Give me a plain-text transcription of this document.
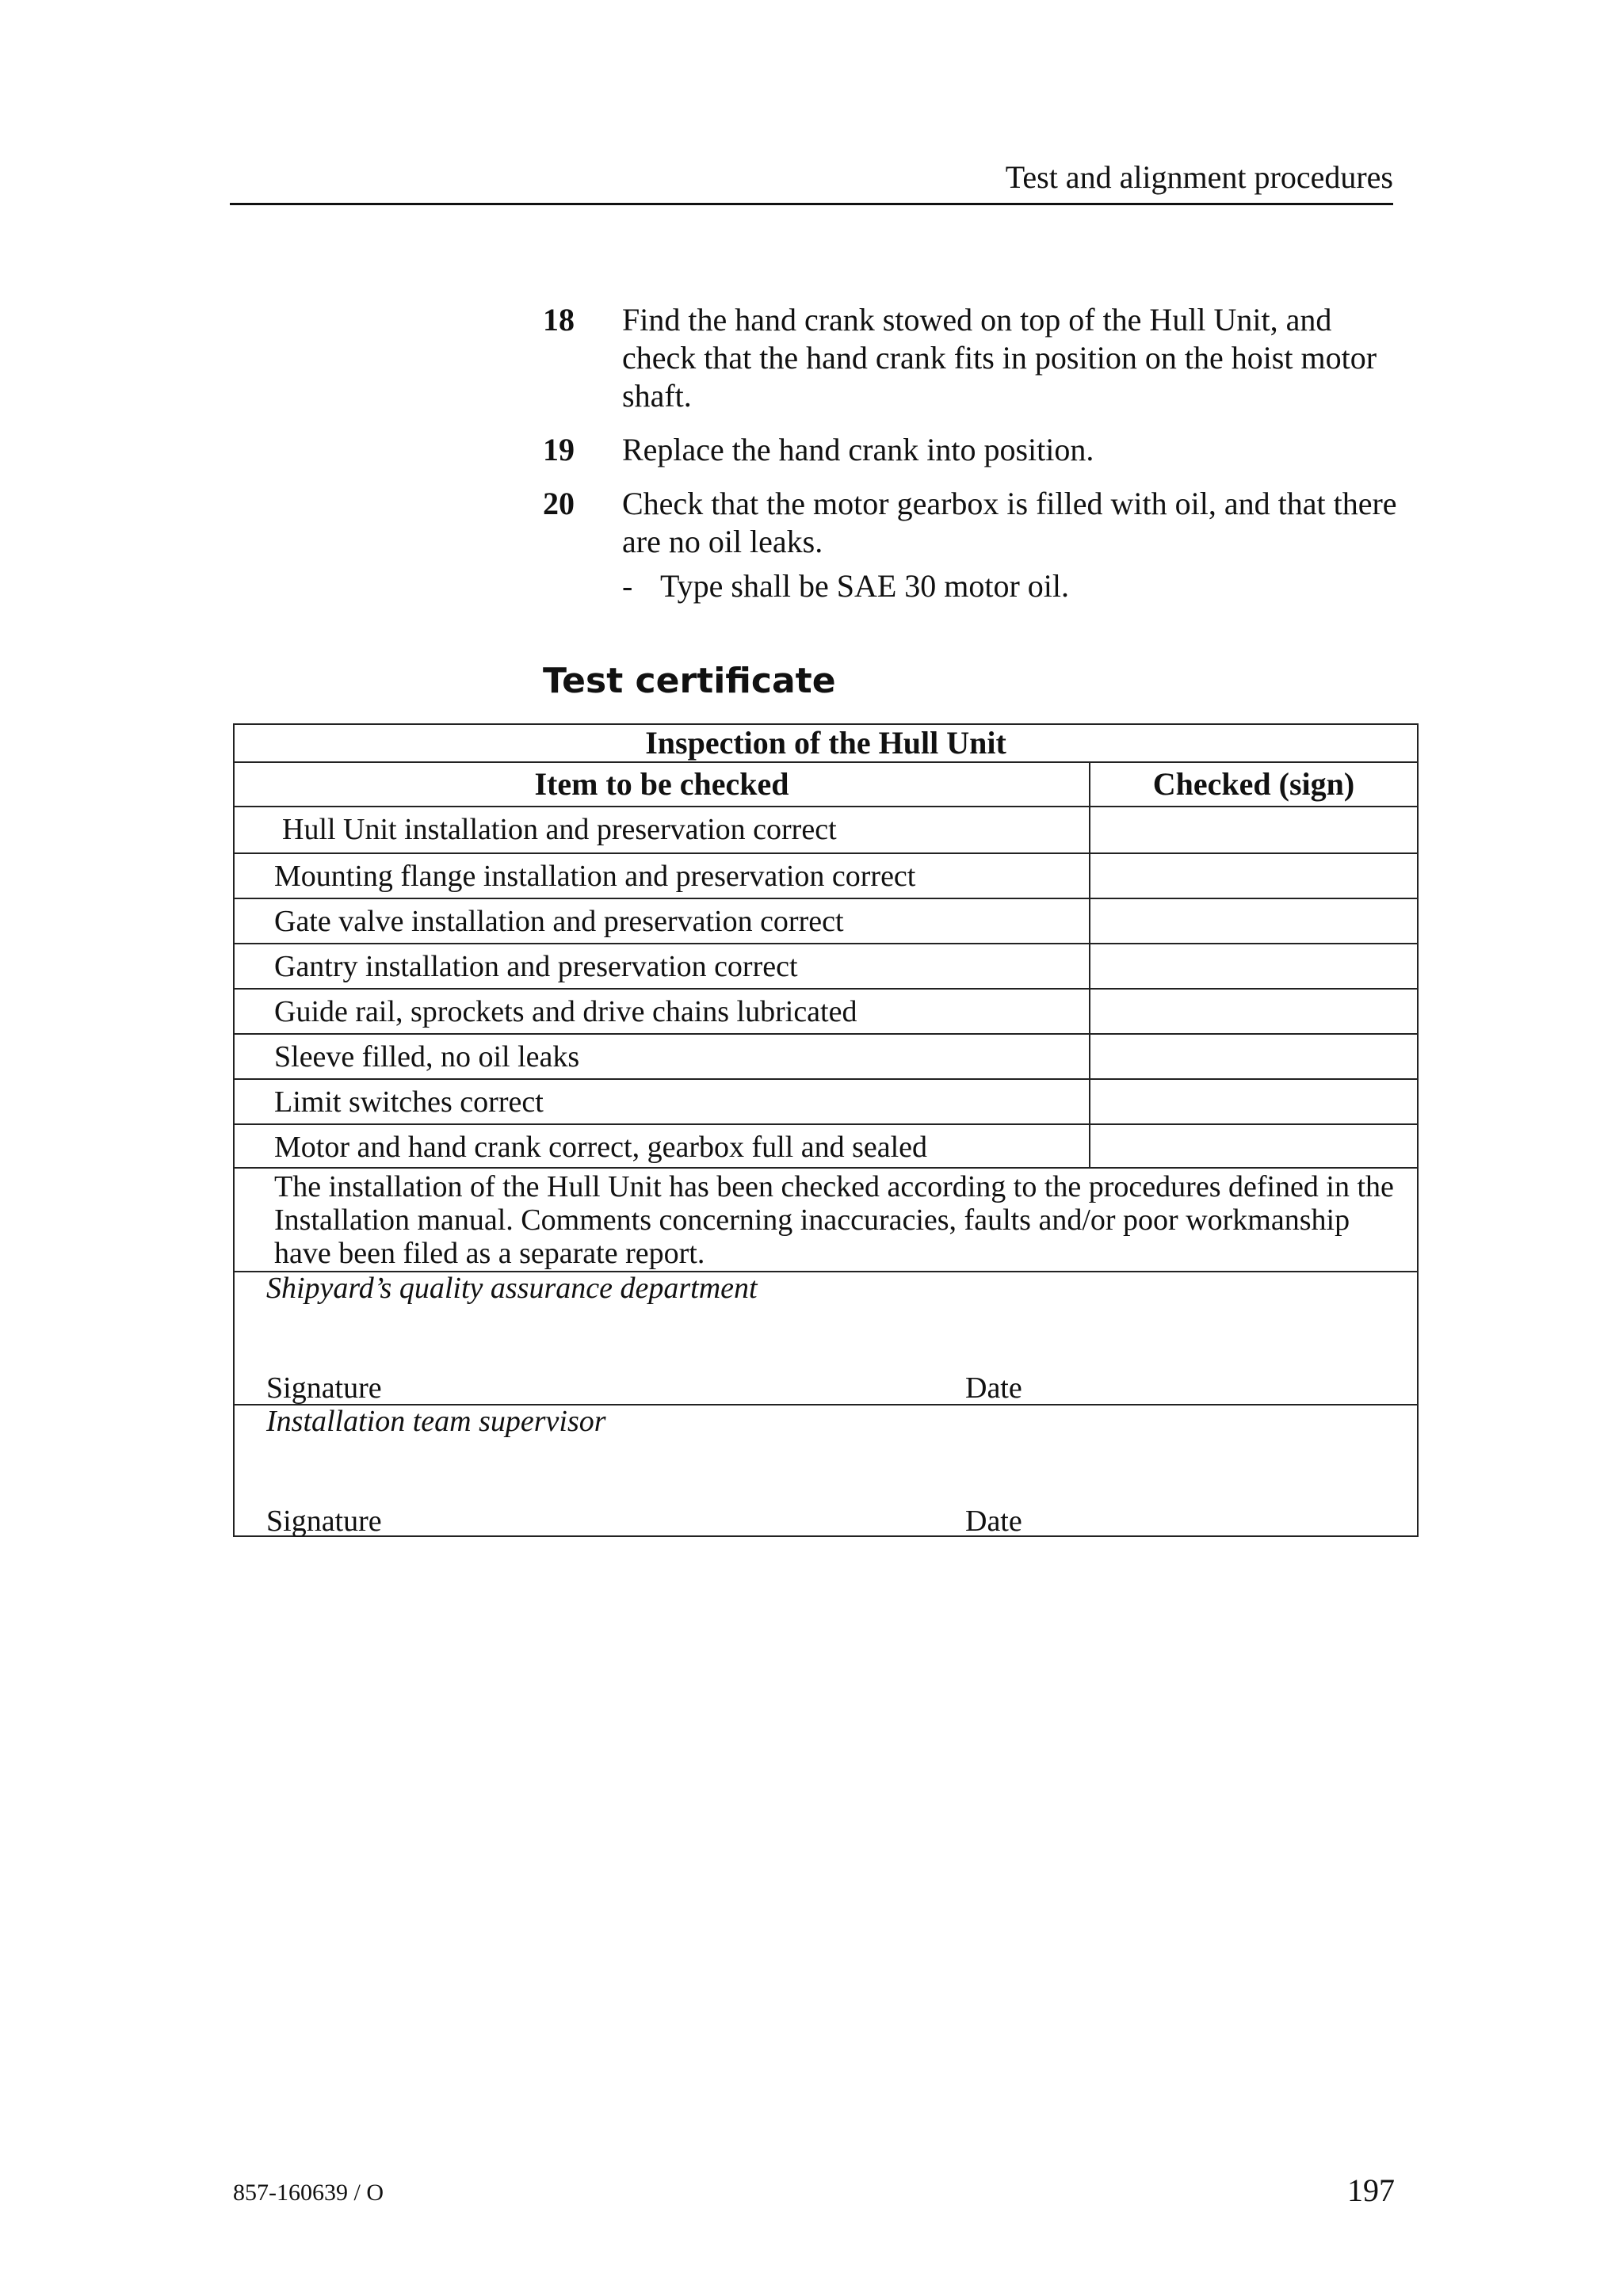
Test and alignment procedures
18	Find the hand crank stowed on top of the Hull Unit, and check that the hand crank fits in position on the hoist motor shaft.
19	Replace the hand crank into position.
20	Check that the motor gearbox is filled with oil, and that there are no oil leaks.
- Type shall be SAE 30 motor oil.
Test certificate
Inspection of the Hull Unit
Item to be checked	Checked (sign)
Hull Unit installation and preservation correct
Mounting flange installation and preservation correct
Gate valve installation and preservation correct
Gantry installation and preservation correct
Guide rail, sprockets and drive chains lubricated
Sleeve filled, no oil leaks
Limit switches correct
Motor and hand crank correct, gearbox full and sealed
The installation of the Hull Unit has been checked according to the procedures defined in the Installation manual. Comments concerning inaccuracies, faults and/or poor workmanship have been filed as a separate report.
Shipyard’s quality assurance department
Signature	Date
Installation team supervisor
Signature	Date
857-160639 / O	197
